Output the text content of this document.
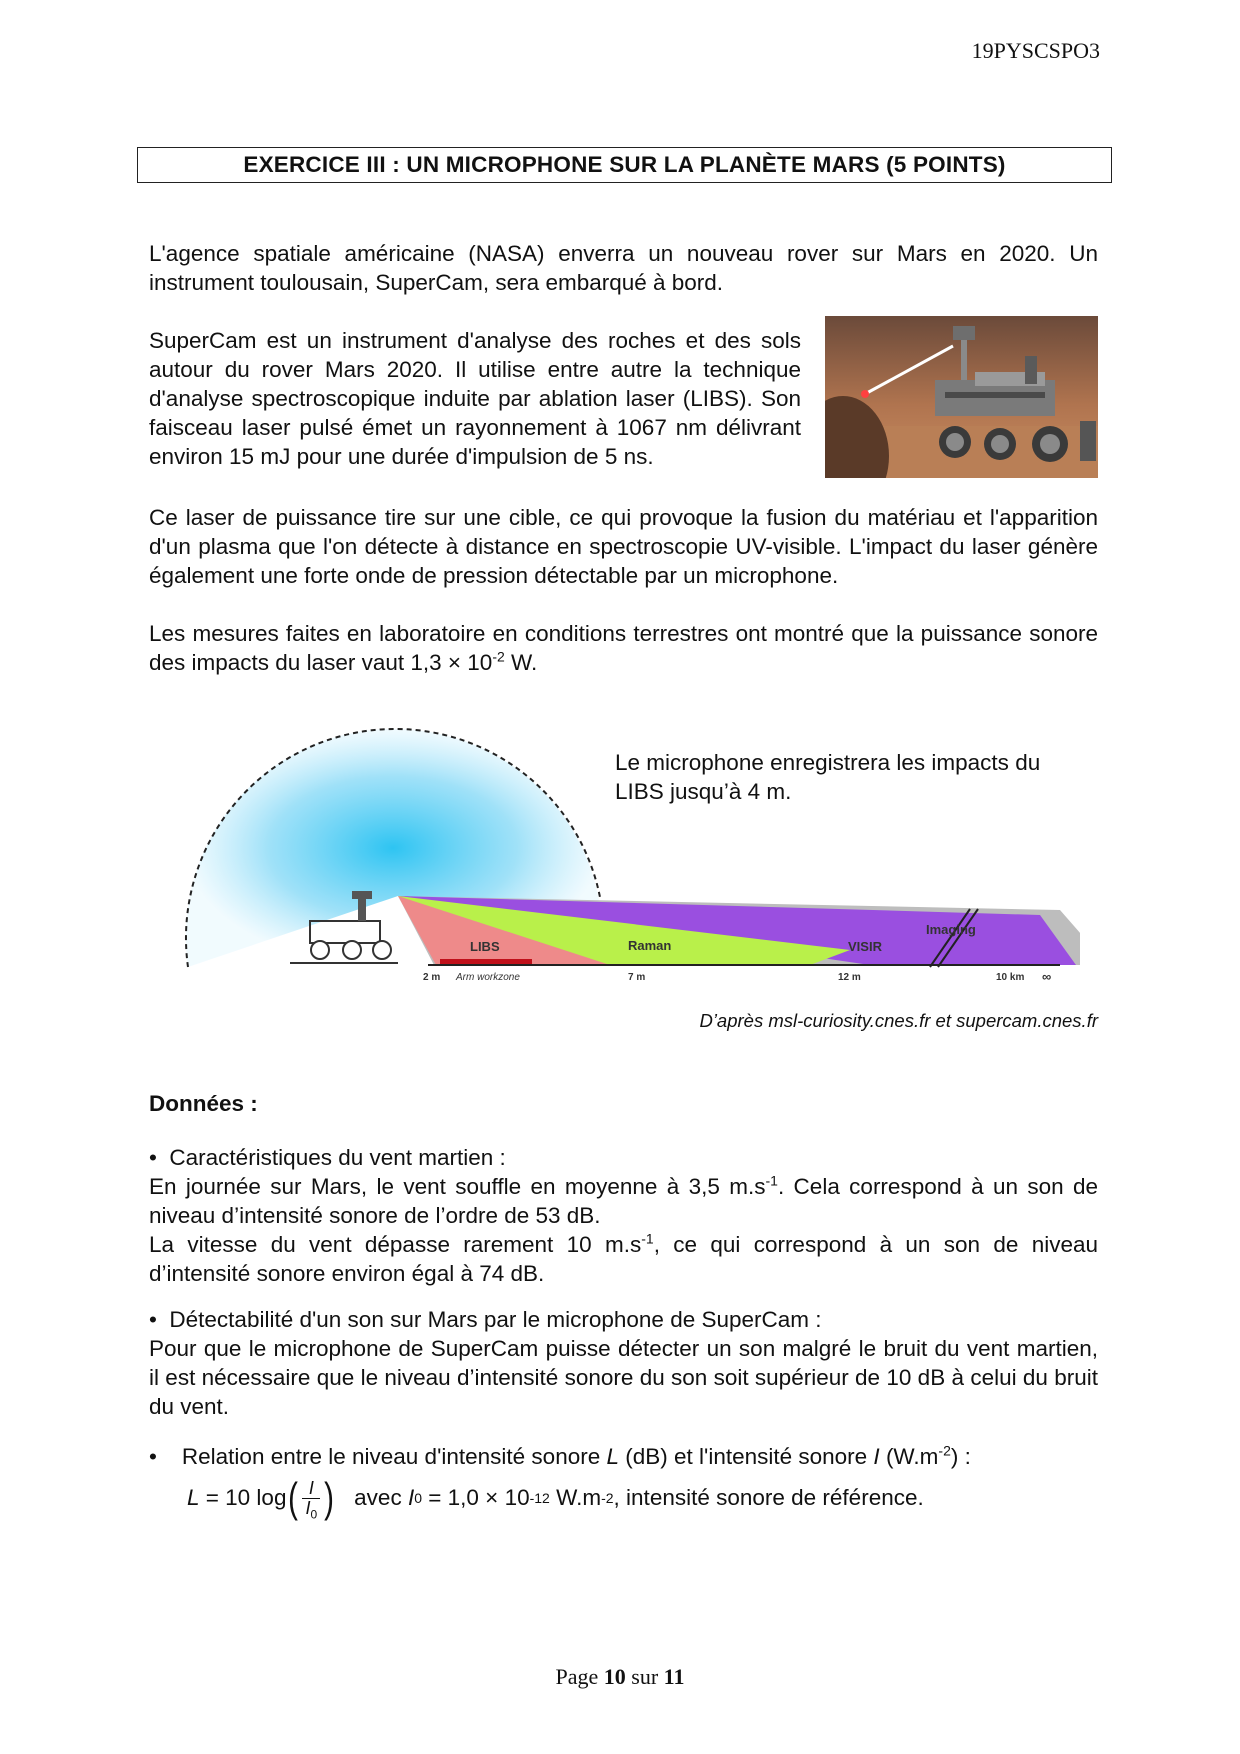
19PYSCSPO3
EXERCICE III : UN MICROPHONE SUR LA PLANÈTE MARS (5 POINTS)

L'agence spatiale américaine (NASA) enverra un nouveau rover sur Mars en 2020. Un instrument toulousain, SuperCam, sera embarqué à bord.

SuperCam est un instrument d'analyse des roches et des sols autour du rover Mars 2020. Il utilise entre autre la technique d'analyse spectroscopique induite par ablation laser (LIBS). Son faisceau laser pulsé émet un rayonnement à 1067 nm délivrant environ 15 mJ pour une durée d'impulsion de 5 ns.

Ce laser de puissance tire sur une cible, ce qui provoque la fusion du matériau et l'apparition d'un plasma que l'on détecte à distance en spectroscopie UV-visible. L'impact du laser génère également une forte onde de pression détectable par un microphone.

Les mesures faites en laboratoire en conditions terrestres ont montré que la puissance sonore des impacts du laser vaut $1,3 \times 10^{-2}$ W.

LIBS	Raman	VISIR
Imaging
2 m Arm workzone	7 m	12 m	10 km ∞
Le microphone enregistrera les impacts du LIBS jusqu’à 4 m.
D’après msl-curiosity.cnes.fr et supercam.cnes.fr
Données :
• Caractéristiques du vent martien :

En journée sur Mars, le vent souffle en moyenne à 3,5 $m.s^{-1}$. Cela correspond à un son de niveau d’intensité sonore de l’ordre de 53 dB.

La vitesse du vent dépasse rarement 10 $m.s^{-1}$, ce qui correspond à un son de niveau d’intensité sonore environ égal à 74 dB.

• Détectabilité d'un son sur Mars par le microphone de SuperCam :

Pour que le microphone de SuperCam puisse détecter un son malgré le bruit du vent martien, il est nécessaire que le niveau d’intensité sonore du son soit supérieur de 10 dB à celui du bruit du vent.

• Relation entre le niveau d'intensité sonore L (dB) et l'intensité sonore I $(W.m^{-2})$ :
L = 10 log ( $\frac{I}{I_0}$ ) avec I 0 = 1,0 × 10 -12 W.m -2 , intensité sonore de référence.
Page 10 sur 11
